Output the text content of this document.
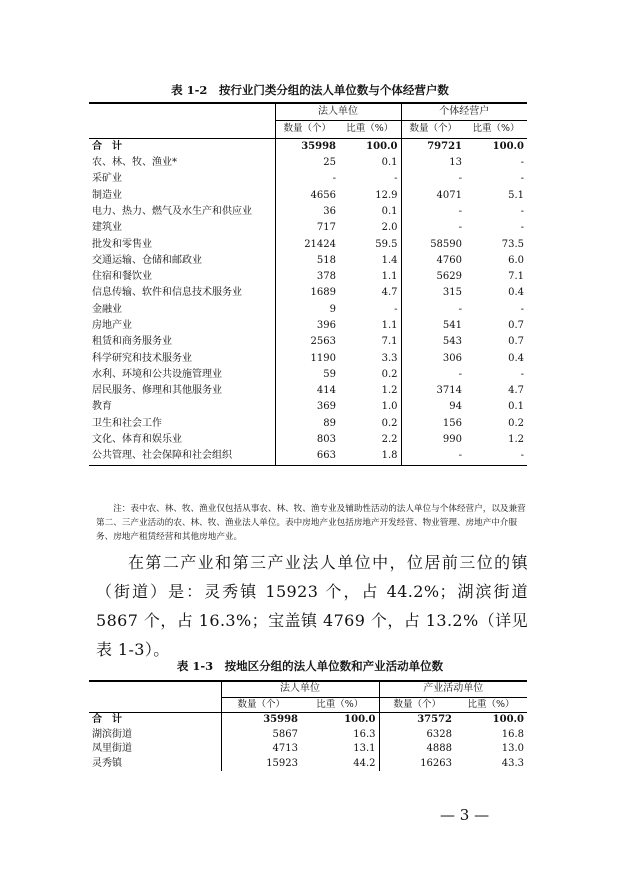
表 1-2　按行业门类分组的法人单位数与个体经营户数
	法人单位		个体经营户	
	数量（个）	比重（%）	数量（个）	比重（%）
合　计	35998	100.0	79721	100.0
农、林、牧、渔业*	25	0.1	13	-
采矿业	-	-	-	-
制造业	4656	12.9	4071	5.1
电力、热力、燃气及水生产和供应业	36	0.1	-	-
建筑业	717	2.0	-	-
批发和零售业	21424	59.5	58590	73.5
交通运输、仓储和邮政业	518	1.4	4760	6.0
住宿和餐饮业	378	1.1	5629	7.1
信息传输、软件和信息技术服务业	1689	4.7	315	0.4
金融业	9	-	-	-
房地产业	396	1.1	541	0.7
租赁和商务服务业	2563	7.1	543	0.7
科学研究和技术服务业	1190	3.3	306	0.4
水利、环境和公共设施管理业	59	0.2	-	-
居民服务、修理和其他服务业	414	1.2	3714	4.7
教育	369	1.0	94	0.1
卫生和社会工作	89	0.2	156	0.2
文化、体育和娱乐业	803	2.2	990	1.2
公共管理、社会保障和社会组织	663	1.8	-	-
注：表中农、林、牧、渔业仅包括从事农、林、牧、渔专业及辅助性活动的法人单位与个体经营户，以及兼营第二、三产业活动的农、林、牧、渔业法人单位。表中房地产业包括房地产开发经营、物业管理、房地产中介服务、房地产租赁经营和其他房地产业。
在第二产业和第三产业法人单位中，位居前三位的镇（街道）是：灵秀镇 15923 个，占 44.2%；湖滨街道 5867 个，占 16.3%；宝盖镇 4769 个，占 13.2%（详见表 1-3）。
表 1-3　按地区分组的法人单位数和产业活动单位数
	法人单位		产业活动单位	
	数量（个）	比重（%）	数量（个）	比重（%）
合　计	35998	100.0	37572	100.0
湖滨街道	5867	16.3	6328	16.8
凤里街道	4713	13.1	4888	13.0
灵秀镇	15923	44.2	16263	43.3
— 3 —
